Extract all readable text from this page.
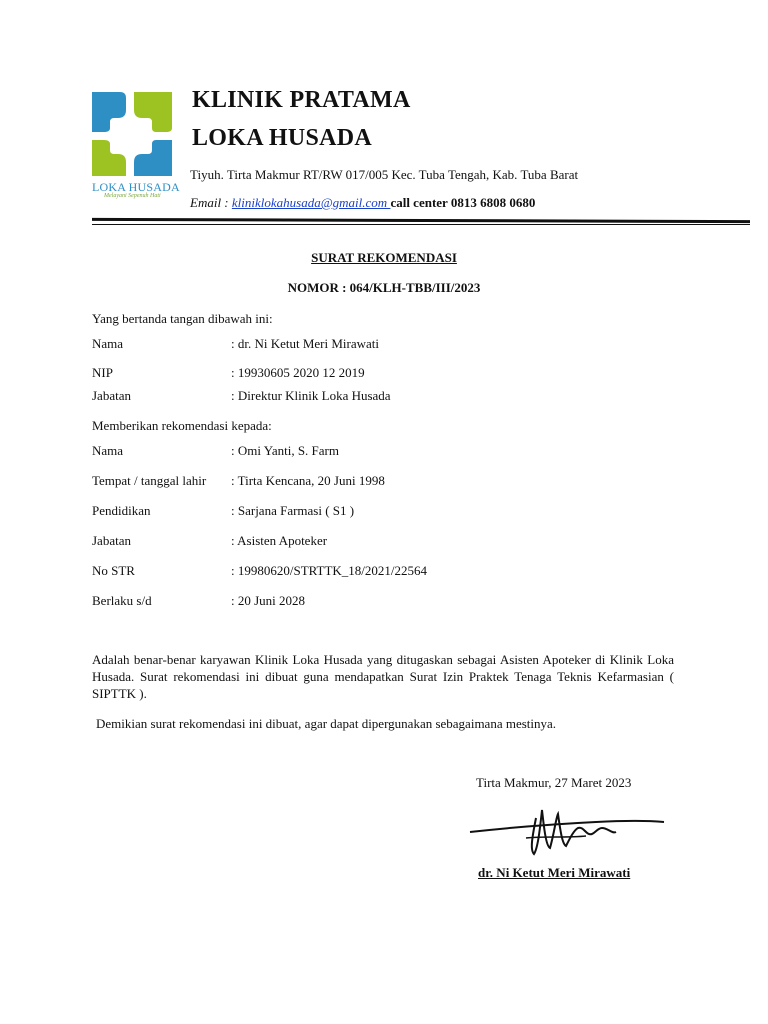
LOKA HUSADA
Melayani Sepenuh Hati
KLINIK PRATAMA
LOKA HUSADA
Tiyuh. Tirta Makmur RT/RW 017/005 Kec. Tuba Tengah, Kab. Tuba Barat
Email : kliniklokahusada@gmail.com call center 0813 6808 0680
SURAT REKOMENDASI
NOMOR : 064/KLH-TBB/III/2023
Yang bertanda tangan dibawah ini:
Nama	: dr. Ni Ketut Meri Mirawati
NIP	: 19930605 2020 12 2019
Jabatan	: Direktur Klinik Loka Husada
Memberikan rekomendasi kepada:
Nama	: Omi Yanti, S. Farm
Tempat / tanggal lahir : Tirta Kencana, 20 Juni 1998
Pendidikan	: Sarjana Farmasi ( S1 )
Jabatan	: Asisten Apoteker
No STR	: 19980620/STRTTK_18/2021/22564
Berlaku s/d	: 20 Juni 2028
Adalah benar-benar karyawan Klinik Loka Husada yang ditugaskan sebagai Asisten Apoteker di Klinik Loka Husada. Surat rekomendasi ini dibuat guna mendapatkan Surat Izin Praktek Tenaga Teknis Kefarmasian ( SIPTTK ).
Demikian surat rekomendasi ini dibuat, agar dapat dipergunakan sebagaimana mestinya.
Tirta Makmur, 27 Maret 2023
dr. Ni Ketut Meri Mirawati
